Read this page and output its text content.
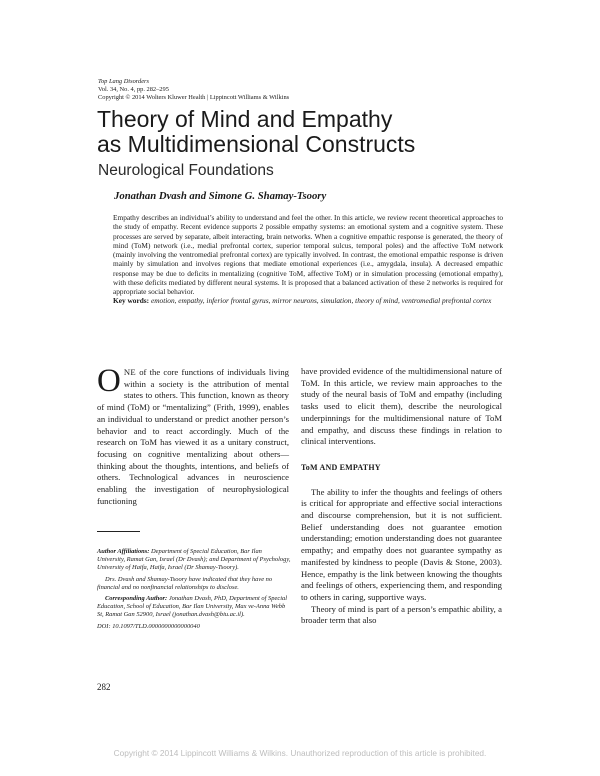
Top Lang Disorders
Vol. 34, No. 4, pp. 282–295
Copyright © 2014 Wolters Kluwer Health | Lippincott Williams & Wilkins
Theory of Mind and Empathy
as Multidimensional Constructs
Neurological Foundations
Jonathan Dvash and Simone G. Shamay-Tsoory

Empathy describes an individual’s ability to understand and feel the other. In this article, we review recent theoretical approaches to the study of empathy. Recent evidence supports 2 possible empathy systems: an emotional system and a cognitive system. These processes are served by separate, albeit interacting, brain networks. When a cognitive empathic response is generated, the theory of mind (ToM) network (i.e., medial prefrontal cortex, superior temporal sulcus, temporal poles) and the affective ToM network (mainly involving the ventromedial prefrontal cortex) are typically involved. In contrast, the emotional empathic response is driven mainly by simulation and involves regions that mediate emotional experiences (i.e., amygdala, insula). A decreased empathic response may be due to deficits in mentalizing (cognitive ToM, affective ToM) or in simulation processing (emotional empathy), with these deficits mediated by different neural systems. It is proposed that a balanced activation of these 2 networks is required for appropriate social behavior.

Key words: emotion, empathy, inferior frontal gyrus, mirror neurons, simulation, theory of mind, ventromedial prefrontal cortex

ONE of the core functions of individuals living within a society is the attribution of mental states to others. This function, known as theory of mind (ToM) or “mentalizing” (Frith, 1999), enables an individual to understand or predict another person’s behavior and to react accordingly. Much of the research on ToM has viewed it as a unitary construct, focusing on cognitive mentalizing about others—thinking about the thoughts, intentions, and beliefs of others. Technological advances in neuroscience enabling the investigation of neurophysiological functioning

Author Affiliations: Department of Special Education, Bar Ilan University, Ramat Gan, Israel (Dr Dvash); and Department of Psychology, University of Haifa, Haifa, Israel (Dr Shamay-Tsoory).

Drs. Dvash and Shamay-Tsoory have indicated that they have no financial and no nonfinancial relationships to disclose.

Corresponding Author: Jonathan Dvash, PhD, Department of Special Education, School of Education, Bar Ilan University, Max ve-Anna Webb St, Ramat Gan 52900, Israel (jonathan.dvash@biu.ac.il).

DOI: 10.1097/TLD.0000000000000040

282

have provided evidence of the multidimensional nature of ToM. In this article, we review main approaches to the study of the neural basis of ToM and empathy (including tasks used to elicit them), describe the neurological underpinnings for the multidimensional nature of ToM and empathy, and discuss these findings in relation to clinical interventions.

ToM AND EMPATHY

The ability to infer the thoughts and feelings of others is critical for appropriate and effective social interactions and discourse comprehension, but it is not sufficient. Belief understanding does not guarantee emotion understanding; emotion understanding does not guarantee empathy; and empathy does not guarantee sympathy as manifested by kindness to people (Davis & Stone, 2003). Hence, empathy is the link between knowing the thoughts and feelings of others, experiencing them, and responding to others in caring, supportive ways.

Theory of mind is part of a person’s empathic ability, a broader term that also

Copyright © 2014 Lippincott Williams & Wilkins. Unauthorized reproduction of this article is prohibited.
